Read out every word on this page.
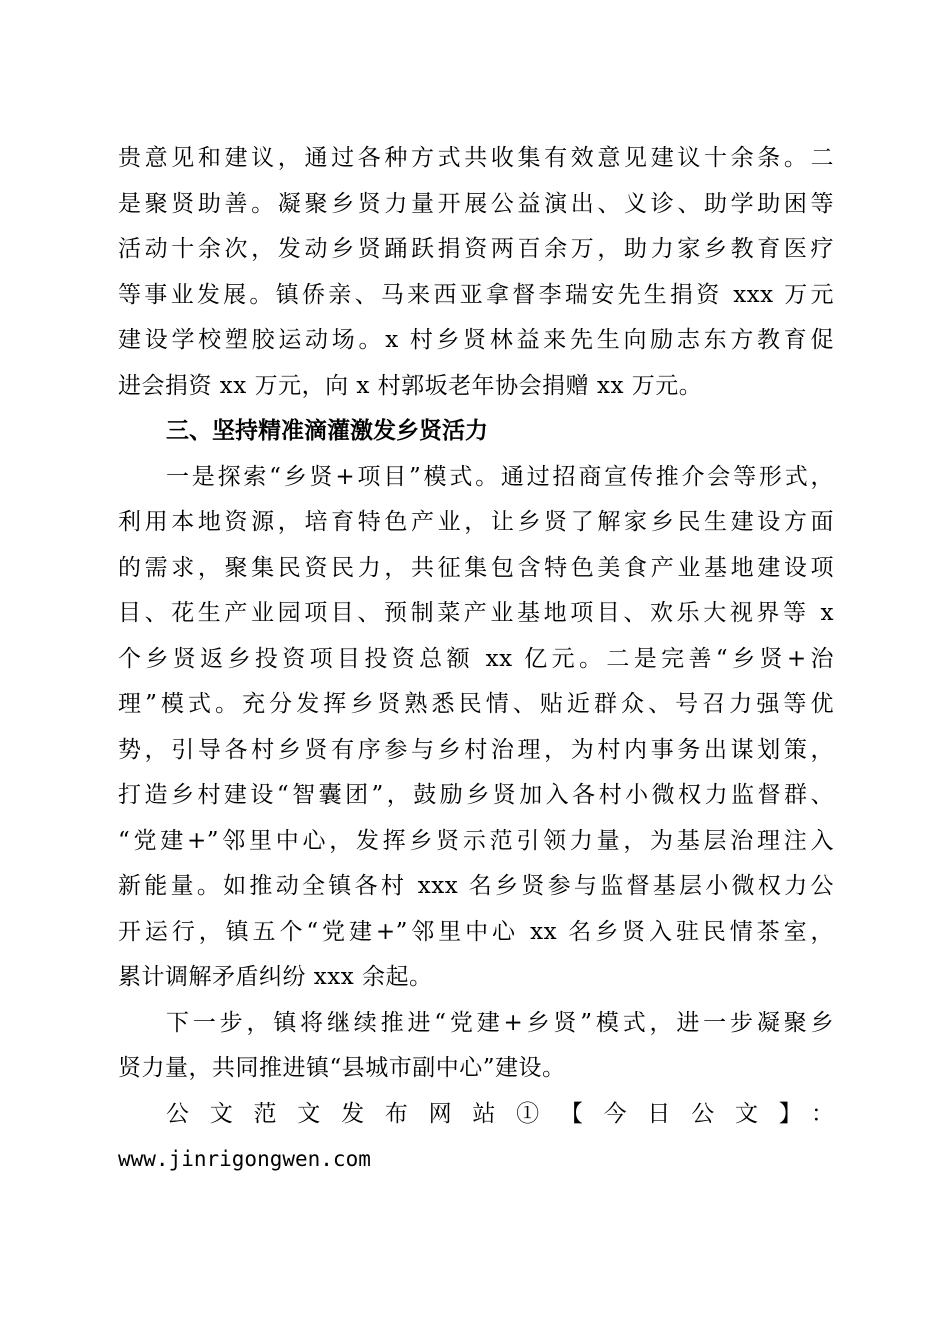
贵意见和建议，通过各种方式共收集有效意见建议十余条。二
是聚贤助善。凝聚乡贤力量开展公益演出、义诊、助学助困等
活动十余次，发动乡贤踊跃捐资两百余万，助力家乡教育医疗
等事业发展。镇侨亲、马来西亚拿督李瑞安先生捐资 xxx 万元
建设学校塑胶运动场。x 村乡贤林益来先生向励志东方教育促
进会捐资 xx 万元，向 x 村郭坂老年协会捐赠 xx 万元。
三、坚持精准滴灌激发乡贤活力
一是探索“乡贤+项目”模式。通过招商宣传推介会等形式，
利用本地资源，培育特色产业，让乡贤了解家乡民生建设方面
的需求，聚集民资民力，共征集包含特色美食产业基地建设项
目、花生产业园项目、预制菜产业基地项目、欢乐大视界等 x
个乡贤返乡投资项目投资总额 xx 亿元。二是完善“乡贤+治
理”模式。充分发挥乡贤熟悉民情、贴近群众、号召力强等优
势，引导各村乡贤有序参与乡村治理，为村内事务出谋划策，
打造乡村建设“智囊团”，鼓励乡贤加入各村小微权力监督群、
“党建+”邻里中心，发挥乡贤示范引领力量，为基层治理注入
新能量。如推动全镇各村 xxx 名乡贤参与监督基层小微权力公
开运行，镇五个“党建+”邻里中心 xx 名乡贤入驻民情茶室，
累计调解矛盾纠纷 xxx 余起。
下一步，镇将继续推进“党建+乡贤”模式，进一步凝聚乡
贤力量，共同推进镇“县城市副中心”建设。
公文范文发布网站①【今日公文】：
www.jinrigongwen.com
